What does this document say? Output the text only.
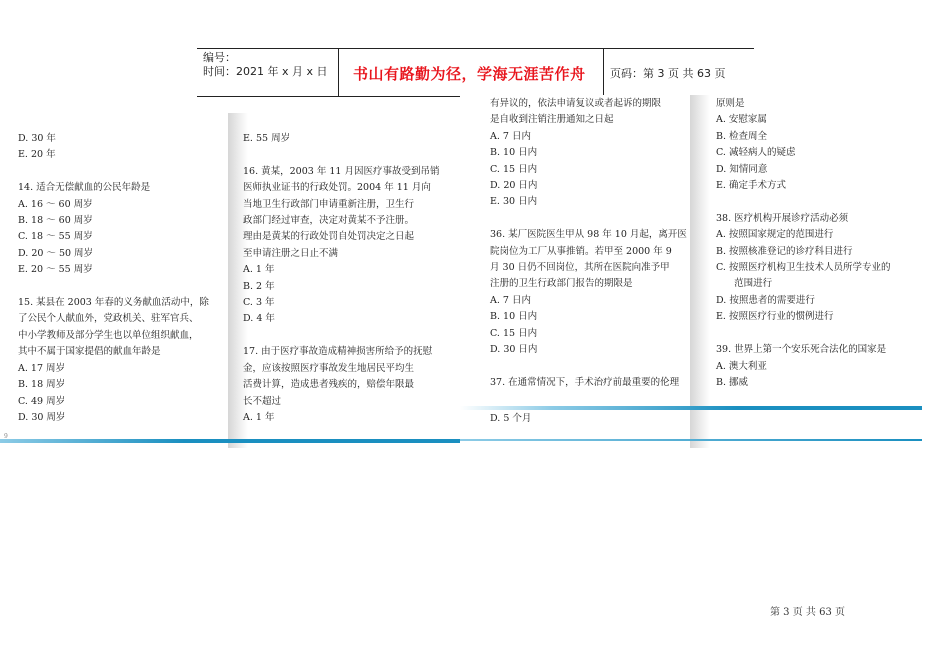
编号：
时间：2021 年 x 月 x 日 书山有路勤为径，学海无涯苦作舟 页码：第 3 页 共 63 页
9
D. 30 年
E. 20 年

14. 适合无偿献血的公民年龄是
A. 16 ～ 60 周岁
B. 18 ～ 60 周岁
C. 18 ～ 55 周岁
D. 20 ～ 50 周岁
E. 20 ～ 55 周岁

15. 某县在 2003 年春的义务献血活动中，除
了公民个人献血外，党政机关、驻军官兵、
中小学教师及部分学生也以单位组织献血，
其中不属于国家提倡的献血年龄是
A. 17 周岁
B. 18 周岁
C. 49 周岁
D. 30 周岁
E. 55 周岁

16. 黄某，2003 年 11 月因医疗事故受到吊销
医师执业证书的行政处罚。2004 年 11 月向
当地卫生行政部门申请重新注册，卫生行
政部门经过审查，决定对黄某不予注册。
理由是黄某的行政处罚自处罚决定之日起
至申请注册之日止不满
A. 1 年
B. 2 年
C. 3 年
D. 4 年

17. 由于医疗事故造成精神损害所给予的抚慰
金，应该按照医疗事故发生地居民平均生
活费计算，造成患者残疾的，赔偿年限最
长不超过
A. 1 年
有异议的，依法申请复议或者起诉的期限
是自收到注销注册通知之日起
A. 7 日内
B. 10 日内
C. 15 日内
D. 20 日内
E. 30 日内

36. 某厂医院医生甲从 98 年 10 月起，离开医
院岗位为工厂从事推销。若甲至 2000 年 9
月 30 日仍不回岗位，其所在医院向准予甲
注册的卫生行政部门报告的期限是
A. 7 日内
B. 10 日内
C. 15 日内
D. 30 日内

37. 在通常情况下，手术治疗前最重要的伦理
D. 5 个月
原则是
A. 安慰家属
B. 检查周全
C. 减轻病人的疑虑
D. 知情同意
E. 确定手术方式

38. 医疗机构开展诊疗活动必须
A. 按照国家规定的范围进行
B. 按照核准登记的诊疗科目进行
C. 按照医疗机构卫生技术人员所学专业的
范围进行
D. 按照患者的需要进行
E. 按照医疗行业的惯例进行

39. 世界上第一个安乐死合法化的国家是
A. 澳大利亚
B. 挪威
第 3 页 共 63 页
